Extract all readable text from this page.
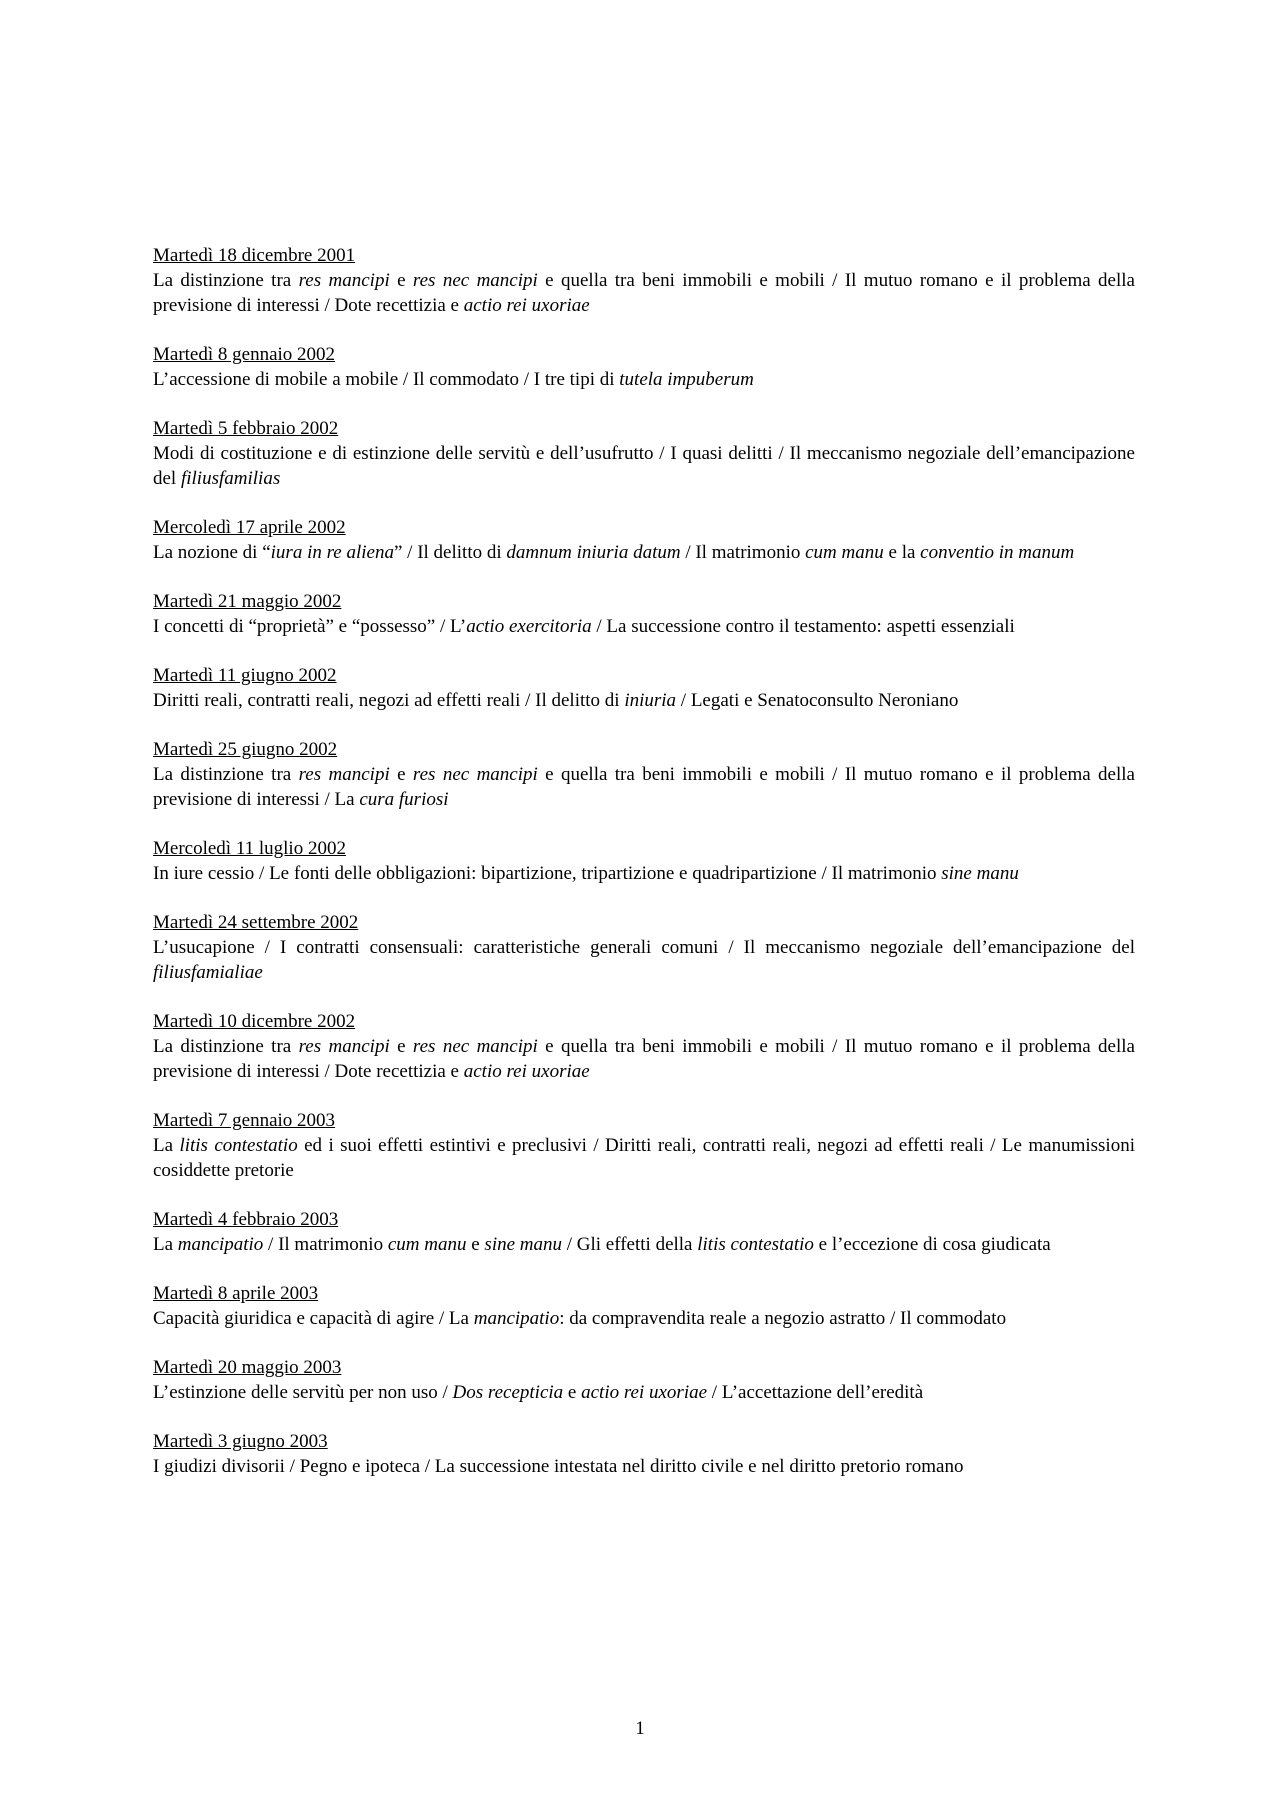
Martedì 18 dicembre 2001
La distinzione tra res mancipi e res nec mancipi e quella tra beni immobili e mobili / Il mutuo romano e il problema della previsione di interessi / Dote recettizia e actio rei uxoriae
Martedì 8 gennaio 2002
L’accessione di mobile a mobile / Il commodato / I tre tipi di tutela impuberum
Martedì 5 febbraio 2002
Modi di costituzione e di estinzione delle servitù e dell’usufrutto / I quasi delitti / Il meccanismo negoziale dell’emancipazione del filiusfamilias
Mercoledì 17 aprile 2002
La nozione di “iura in re aliena” / Il delitto di damnum iniuria datum / Il matrimonio cum manu e la conventio in manum
Martedì 21 maggio 2002
I concetti di “proprietà” e “possesso” / L’actio exercitoria / La successione contro il testamento: aspetti essenziali
Martedì 11 giugno 2002
Diritti reali, contratti reali, negozi ad effetti reali / Il delitto di iniuria / Legati e Senatoconsulto Neroniano
Martedì 25 giugno 2002
La distinzione tra res mancipi e res nec mancipi e quella tra beni immobili e mobili / Il mutuo romano e il problema della previsione di interessi / La cura furiosi
Mercoledì 11 luglio 2002
In iure cessio / Le fonti delle obbligazioni: bipartizione, tripartizione e quadripartizione / Il matrimonio sine manu
Martedì 24 settembre 2002
L’usucapione / I contratti consensuali: caratteristiche generali comuni / Il meccanismo negoziale dell’emancipazione del filiusfamialiae
Martedì 10 dicembre 2002
La distinzione tra res mancipi e res nec mancipi e quella tra beni immobili e mobili / Il mutuo romano e il problema della previsione di interessi / Dote recettizia e actio rei uxoriae
Martedì 7 gennaio 2003
La litis contestatio ed i suoi effetti estintivi e preclusivi / Diritti reali, contratti reali, negozi ad effetti reali / Le manumissioni cosiddette pretorie
Martedì 4 febbraio 2003
La mancipatio / Il matrimonio cum manu e sine manu / Gli effetti della litis contestatio e l’eccezione di cosa giudicata
Martedì 8 aprile 2003
Capacità giuridica e capacità di agire / La mancipatio: da compravendita reale a negozio astratto / Il commodato
Martedì 20 maggio 2003
L’estinzione delle servitù per non uso / Dos recepticia e actio rei uxoriae / L’accettazione dell’eredità
Martedì 3 giugno 2003
I giudizi divisorii / Pegno e ipoteca / La successione intestata nel diritto civile e nel diritto pretorio romano
1
